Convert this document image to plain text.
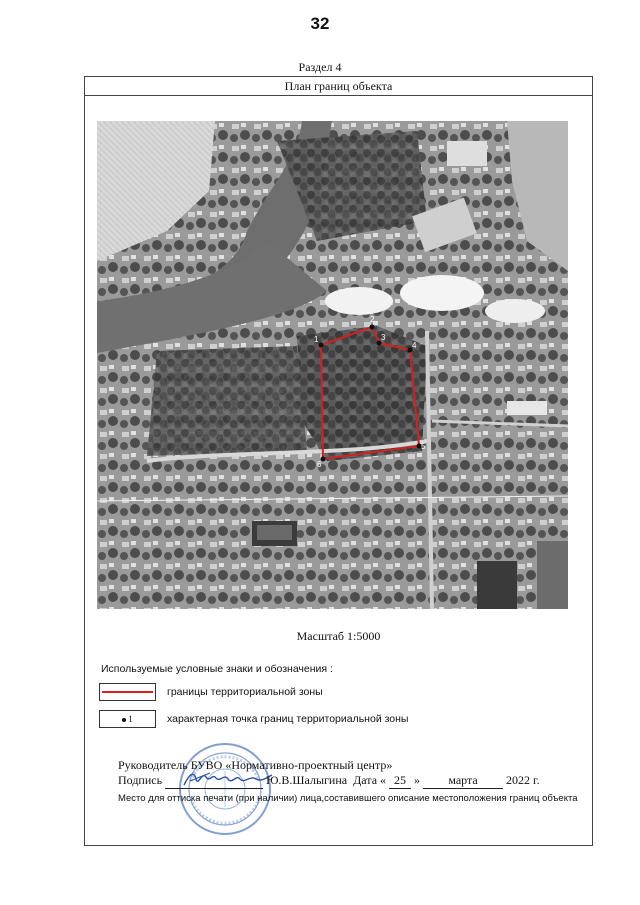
32
Раздел 4
План границ объекта
1
2
3
4
5
6
Масштаб 1:5000
Используемые условные знаки и обозначения :
границы территориальной зоны
1	характерная точка границ территориальной зоны
Руководитель БУВО «Нормативно-проектный центр»
Подпись	Ю.В.Шалыгина Дата « 25 » марта 2022 г.
Место для оттиска печати (при наличии) лица,составившего описание местоположения границ объекта
